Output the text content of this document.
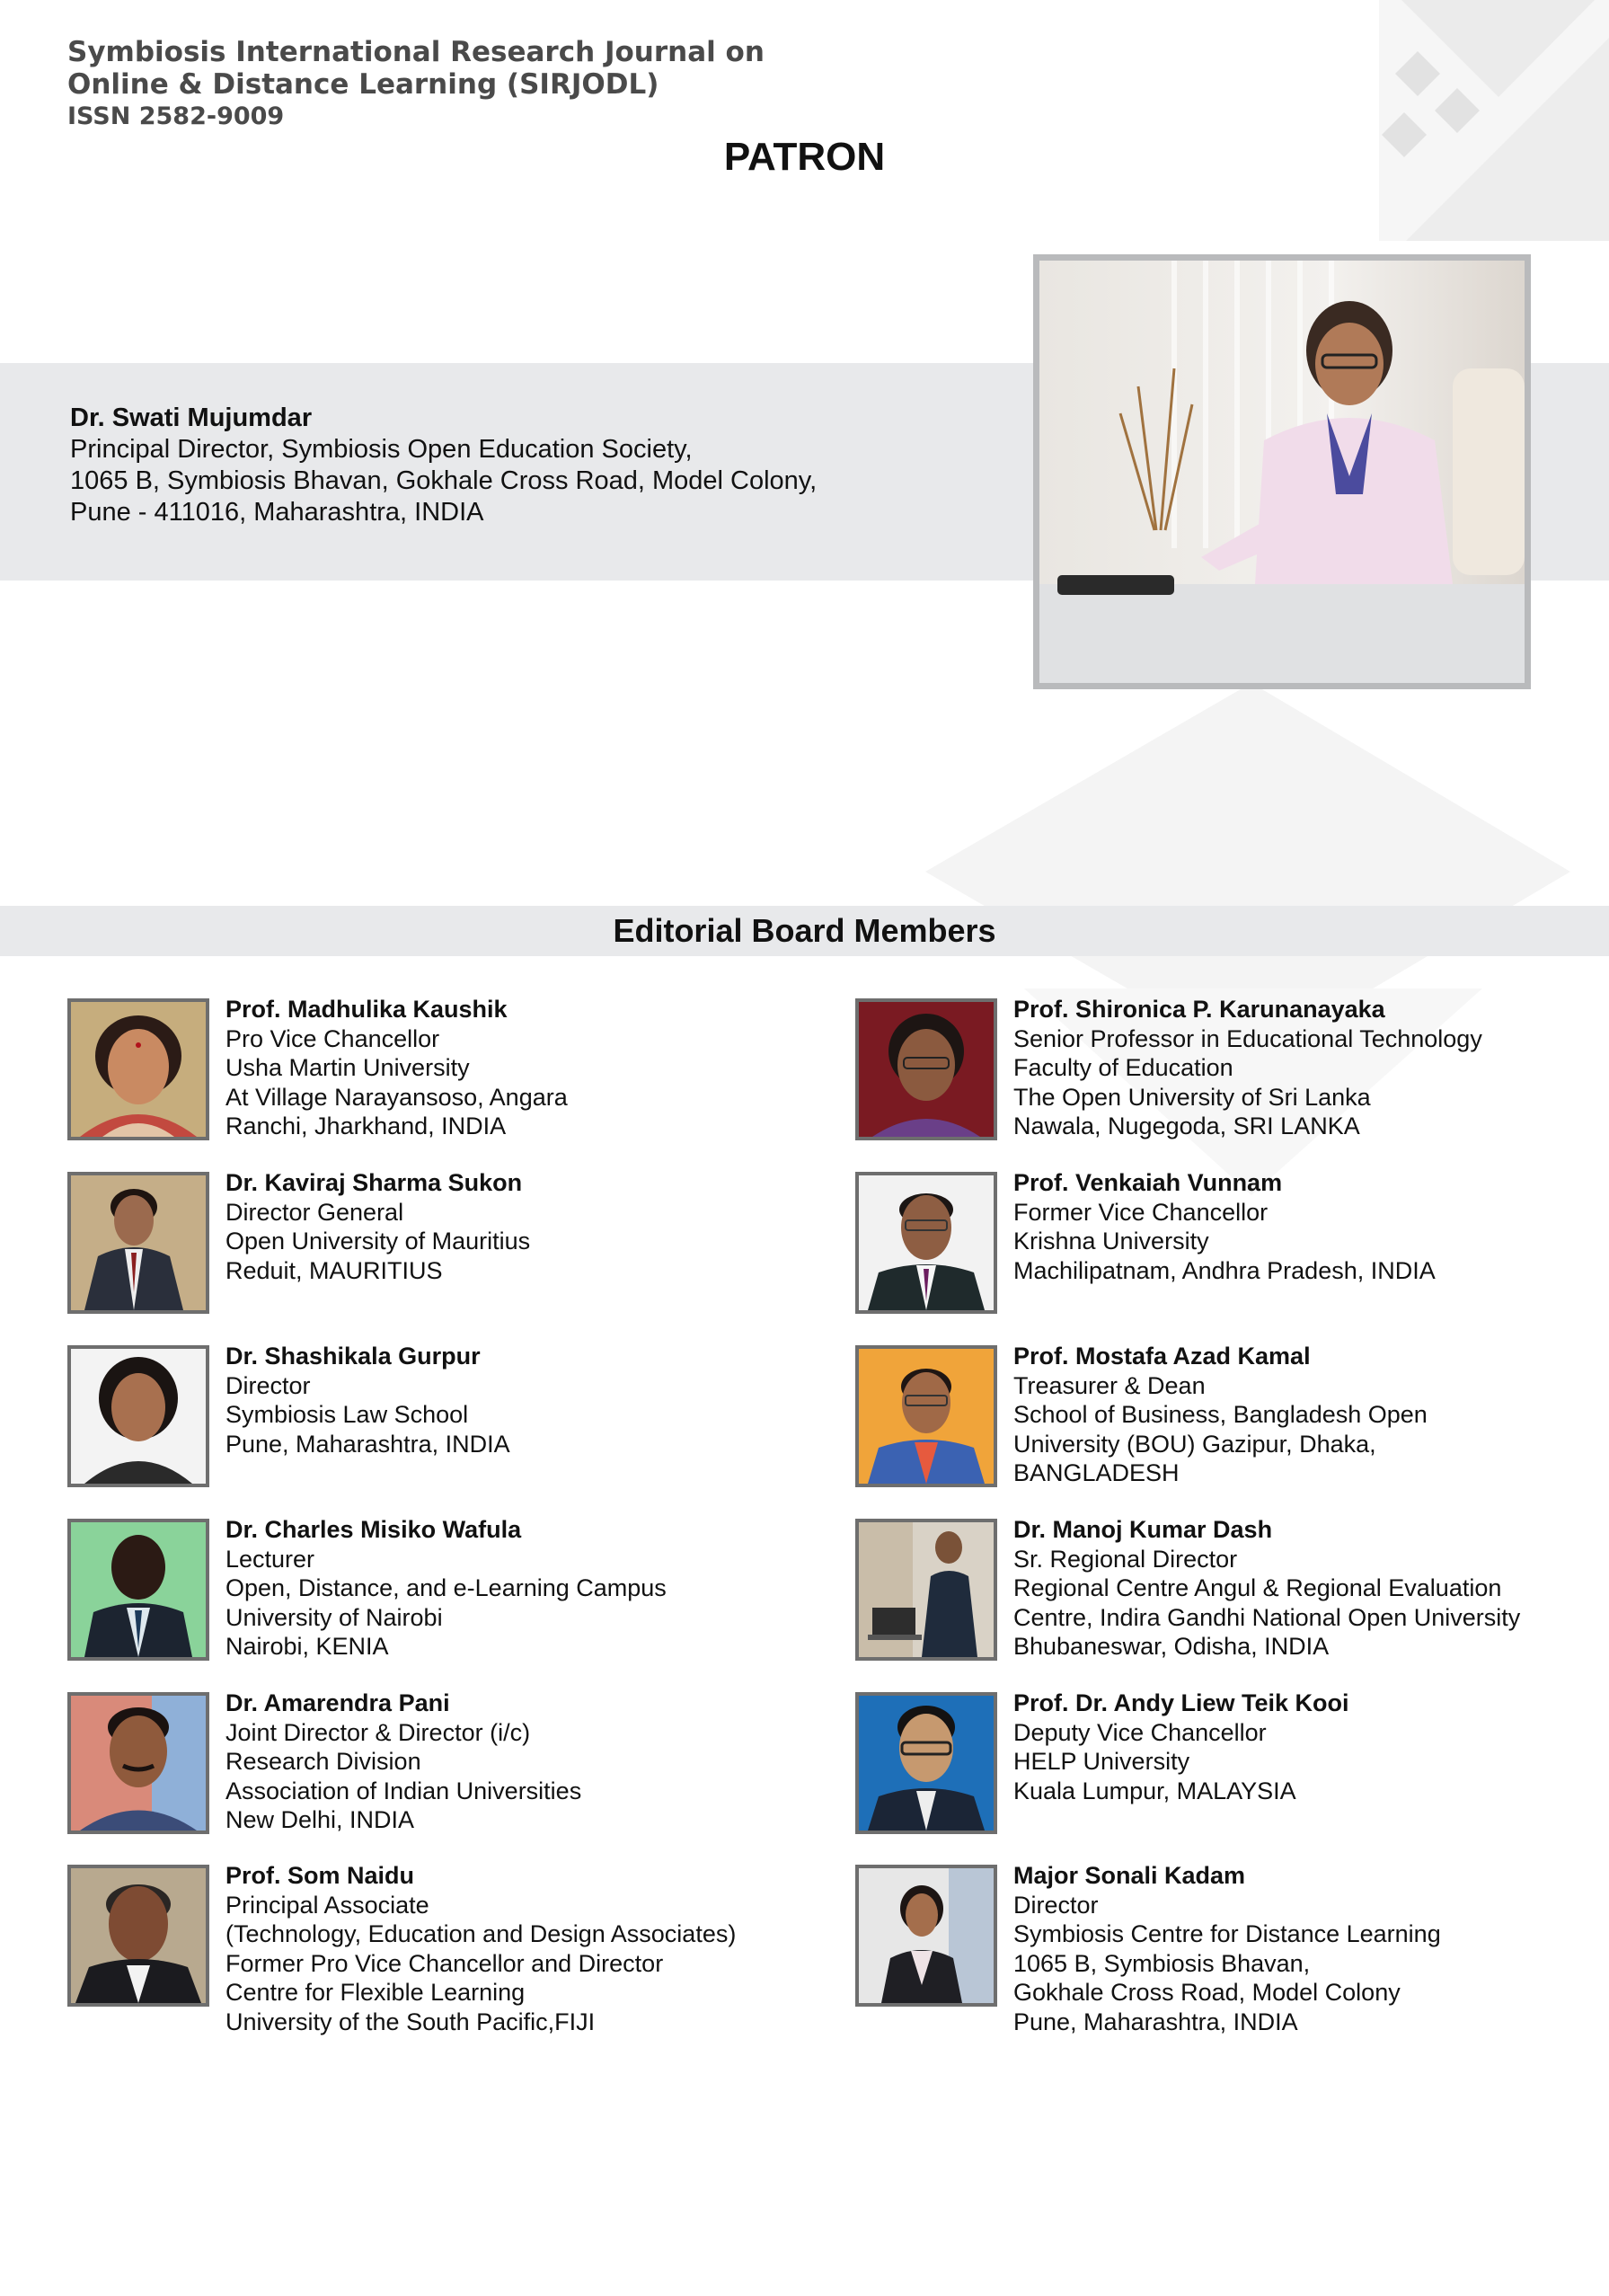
Symbiosis International Research Journal on
Online & Distance Learning (SIRJODL)
ISSN 2582-9009
PATRON
Dr. Swati Mujumdar
Principal Director, Symbiosis Open Education Society,
1065 B, Symbiosis Bhavan, Gokhale Cross Road, Model Colony,
Pune - 411016, Maharashtra, INDIA
Editorial Board Members
Prof. Madhulika Kaushik
Pro Vice Chancellor
Usha Martin University
At Village Narayansoso, Angara
Ranchi, Jharkhand, INDIA
Dr. Kaviraj Sharma Sukon
Director General
Open University of Mauritius
Reduit, MAURITIUS
Dr. Shashikala Gurpur
Director
Symbiosis Law School
Pune, Maharashtra, INDIA
Dr. Charles Misiko Wafula
Lecturer
Open, Distance, and e-Learning Campus
University of Nairobi
Nairobi, KENIA
Dr. Amarendra Pani
Joint Director & Director (i/c)
Research Division
Association of Indian Universities
New Delhi, INDIA
Prof. Som Naidu
Principal Associate
(Technology, Education and Design Associates)
Former Pro Vice Chancellor and Director
Centre for Flexible Learning
University of the South Pacific,FIJI
Prof. Shironica P. Karunanayaka
Senior Professor in Educational Technology
Faculty of Education
The Open University of Sri Lanka
Nawala, Nugegoda, SRI LANKA
Prof. Venkaiah Vunnam
Former Vice Chancellor
Krishna University
Machilipatnam, Andhra Pradesh, INDIA
Prof. Mostafa Azad Kamal
Treasurer & Dean
School of Business, Bangladesh Open
University (BOU) Gazipur, Dhaka,
BANGLADESH
Dr. Manoj Kumar Dash
Sr. Regional Director
Regional Centre Angul & Regional Evaluation
Centre, Indira Gandhi National Open University
Bhubaneswar, Odisha, INDIA
Prof. Dr. Andy Liew Teik Kooi
Deputy Vice Chancellor
HELP University
Kuala Lumpur, MALAYSIA
Major Sonali Kadam
Director
Symbiosis Centre for Distance Learning
1065 B, Symbiosis Bhavan,
Gokhale Cross Road, Model Colony
Pune, Maharashtra, INDIA
